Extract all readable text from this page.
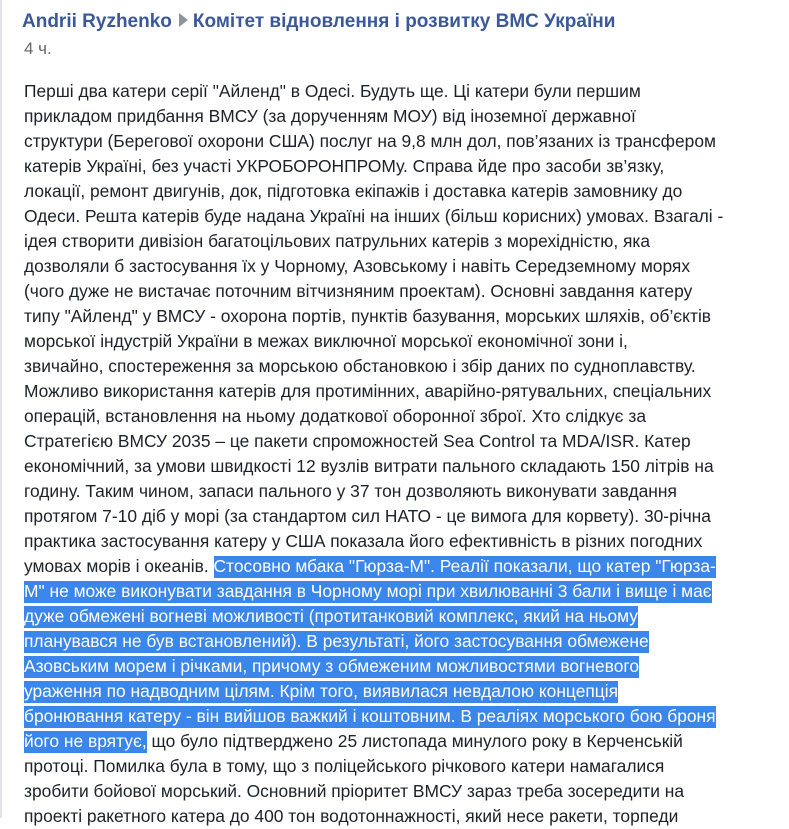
Andrii Ryzhenko Комітет відновлення і розвитку ВМС України
4 ч.
Перші два катери серії "Айленд" в Одесі. Будуть ще. Ці катери були першим
прикладом придбання ВМСУ (за дорученням МОУ) від іноземної державної
структури (Берегової охорони США) послуг на 9,8 млн дол, пов’язаних із трансфером
катерів Україні, без участі УКРОБОРОНПРОМу. Справа йде про засоби зв’язку,
локації, ремонт двигунів, док, підготовка екіпажів і доставка катерів замовнику до
Одеси. Решта катерів буде надана Україні на інших (більш корисних) умовах. Взагалі -
ідея створити дивізіон багатоцільових патрульних катерів з морехідністю, яка
дозволяли б застосування їх у Чорному, Азовському і навіть Середземному морях
(чого дуже не вистачає поточним вітчизняним проектам). Основні завдання катеру
типу "Айленд" у ВМСУ - охорона портів, пунктів базування, морських шляхів, об’єктів
морської індустрій України в межах виключної морської економічної зони і,
звичайно, спостереження за морською обстановкою і збір даних по судноплавству.
Можливо використання катерів для протимінних, аварійно-рятувальних, спеціальних
операцій, встановлення на ньому додаткової оборонної зброї. Хто слідкує за
Стратегією ВМСУ 2035 – це пакети спроможностей Sea Control та MDA/ISR. Катер
економічний, за умови швидкості 12 вузлів витрати пального складають 150 літрів на
годину. Таким чином, запаси пального у 37 тон дозволяють виконувати завдання
протягом 7-10 діб у морі (за стандартом сил НАТО - це вимога для корвету). 30-річна
практика застосування катеру у США показала його ефективність в різних погодних
умовах морів і океанів. Стосовно мбака "Гюрза-М". Реалії показали, що катер "Гюрза-
М" не може виконувати завдання в Чорному морі при хвилюванні 3 бали і вище і має
дуже обмежені вогневі можливості (протитанковий комплекс, який на ньому
планувався не був встановлений). В результаті, його застосування обмежене
Азовським морем і річками, причому з обмеженим можливостями вогневого
ураження по надводним цілям. Крім того, виявилася невдалою концепція
бронювання катеру - він вийшов важкий і коштовним. В реаліях морського бою броня
його не врятує, що було підтверджено 25 листопада минулого року в Керченській
протоці. Помилка була в тому, що з поліцейського річкового катери намагалися
зробити бойової морський. Основний пріоритет ВМСУ зараз треба зосередити на
проекті ракетного катера до 400 тон водотоннажності, який несе ракети, торпеди
